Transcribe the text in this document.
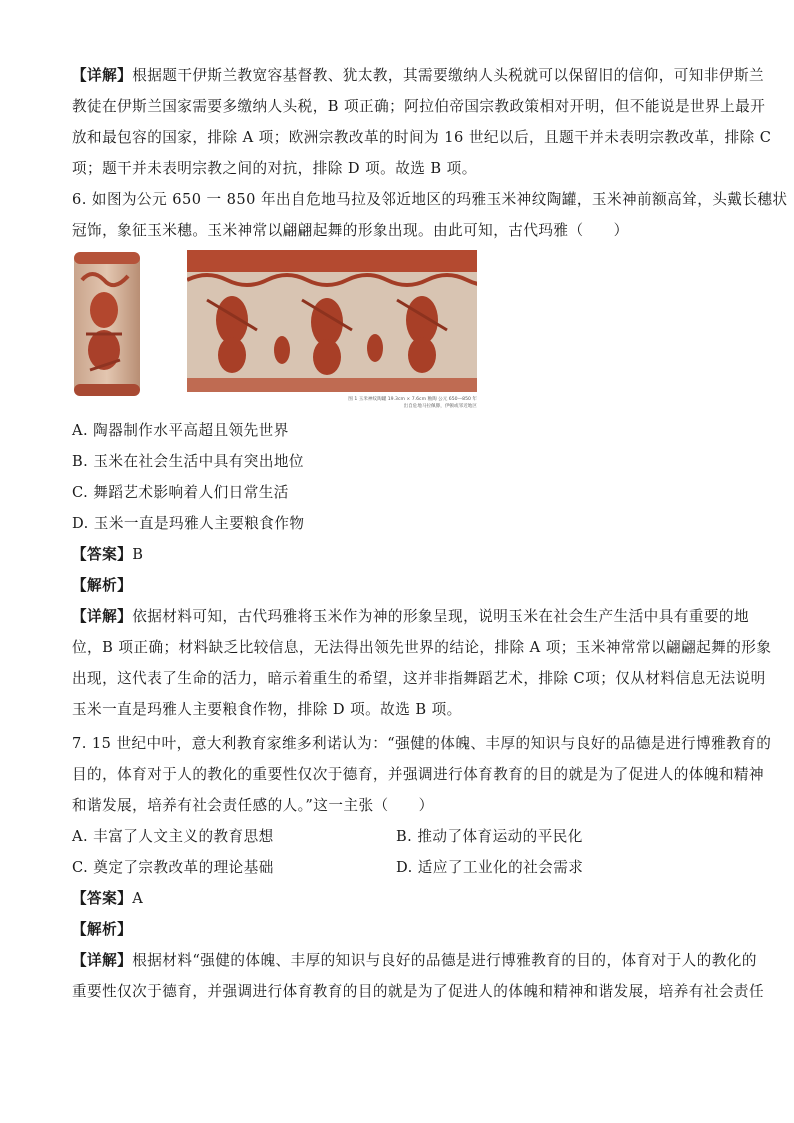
【详解】根据题干伊斯兰教宽容基督教、犹太教，其需要缴纳人头税就可以保留旧的信仰，可知非伊斯兰
教徒在伊斯兰国家需要多缴纳人头税，B 项正确；阿拉伯帝国宗教政策相对开明，但不能说是世界上最开
放和最包容的国家，排除 A 项；欧洲宗教改革的时间为 16 世纪以后，且题干并未表明宗教改革，排除 C
项；题干并未表明宗教之间的对抗，排除 D 项。故选 B 项。
6. 如图为公元 650 一 850 年出自危地马拉及邻近地区的玛雅玉米神纹陶罐，玉米神前额高耸，头戴长穗状
冠饰，象征玉米穗。玉米神常以翩翩起舞的形象出现。由此可知，古代玛雅（　　）
图 1 玉米神纹陶罐 19.3cm × 7.6cm 釉陶 公元 650—850 年
出自危地马拉佩滕，伊顿或邻近地区
A. 陶器制作水平高超且领先世界
B. 玉米在社会生活中具有突出地位
C. 舞蹈艺术影响着人们日常生活
D. 玉米一直是玛雅人主要粮食作物
【答案】B
【解析】
【详解】依据材料可知，古代玛雅将玉米作为神的形象呈现，说明玉米在社会生产生活中具有重要的地
位，B 项正确；材料缺乏比较信息，无法得出领先世界的结论，排除 A 项；玉米神常常以翩翩起舞的形象
出现，这代表了生命的活力，暗示着重生的希望，这并非指舞蹈艺术，排除 C项；仅从材料信息无法说明
玉米一直是玛雅人主要粮食作物，排除 D 项。故选 B 项。
7. 15 世纪中叶，意大利教育家维多利诺认为：“强健的体魄、丰厚的知识与良好的品德是进行博雅教育的
目的，体育对于人的教化的重要性仅次于德育，并强调进行体育教育的目的就是为了促进人的体魄和精神
和谐发展，培养有社会责任感的人。”这一主张（　　）
A. 丰富了人文主义的教育思想	B. 推动了体育运动的平民化
C. 奠定了宗教改革的理论基础	D. 适应了工业化的社会需求
【答案】A
【解析】
【详解】根据材料“强健的体魄、丰厚的知识与良好的品德是进行博雅教育的目的，体育对于人的教化的
重要性仅次于德育，并强调进行体育教育的目的就是为了促进人的体魄和精神和谐发展，培养有社会责任
